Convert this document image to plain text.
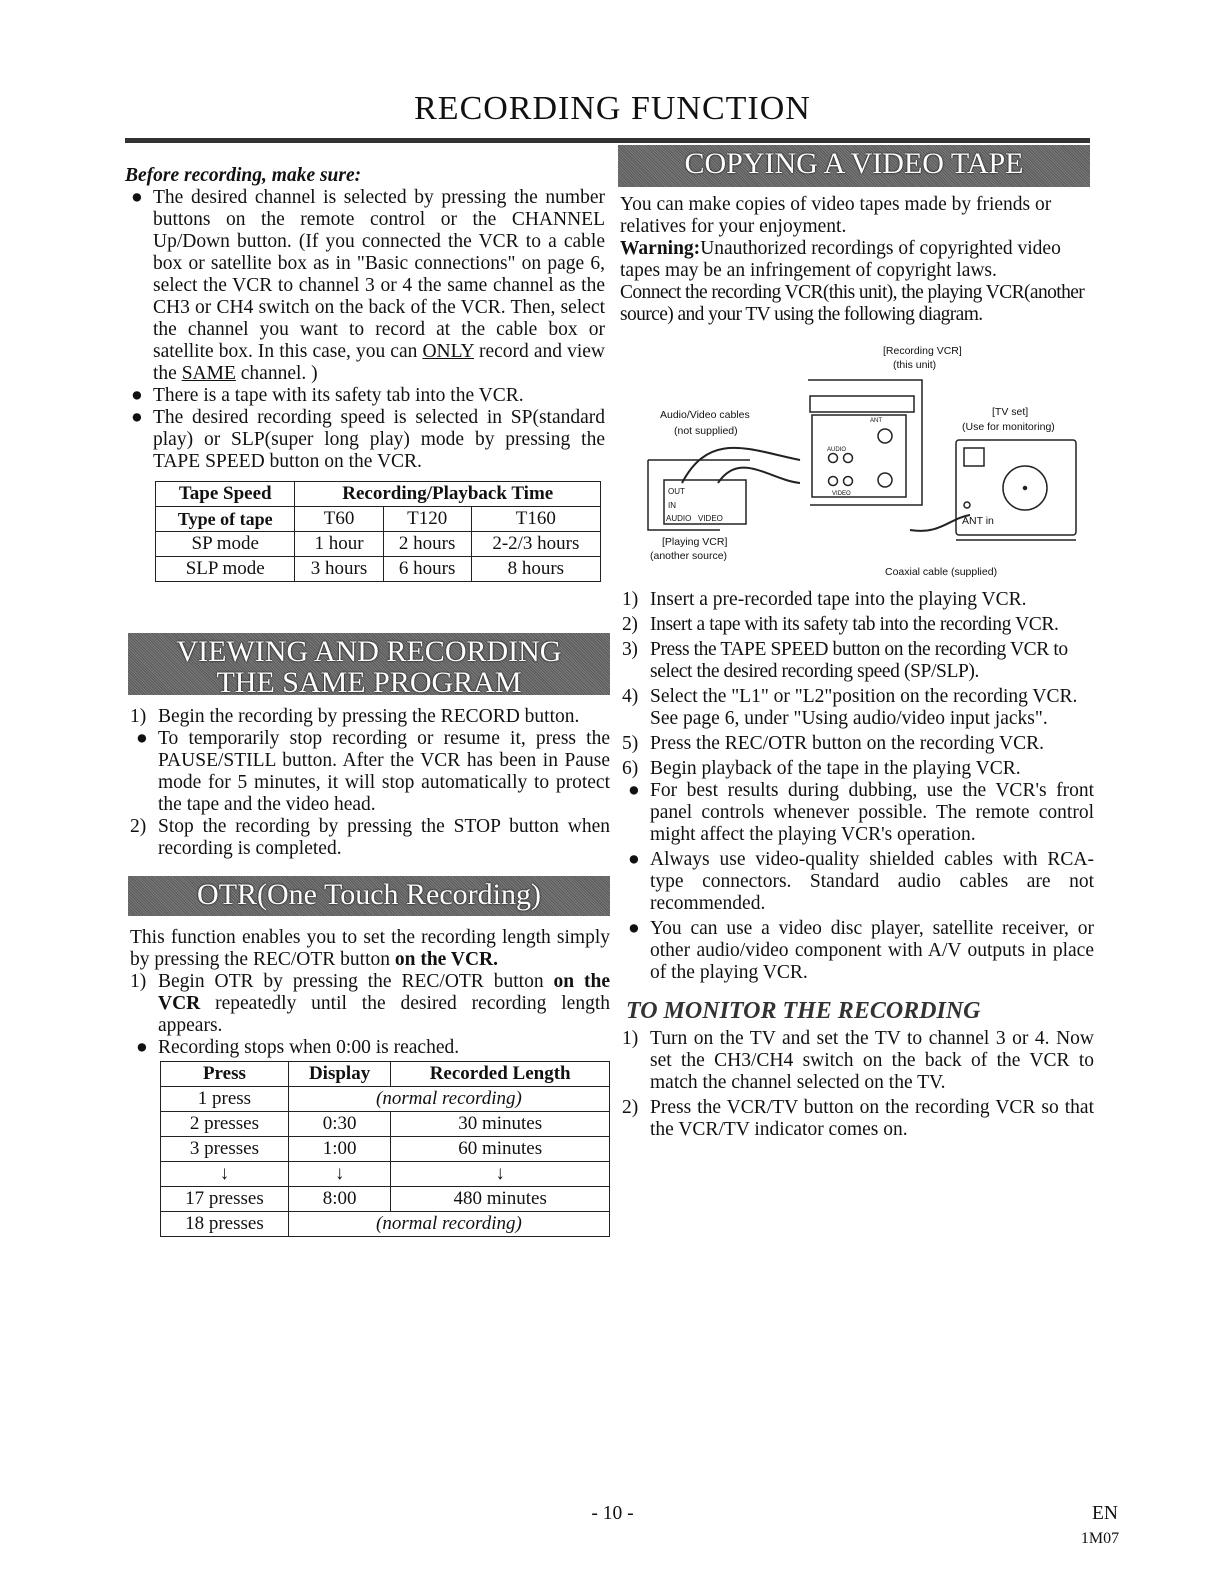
RECORDING FUNCTION

Before recording, make sure:

● The desired channel is selected by pressing the number buttons on the remote control or the CHANNEL Up/Down button. (If you connected the VCR to a cable box or satellite box as in "Basic connections" on page 6, select the VCR to channel 3 or 4 the same channel as the CH3 or CH4 switch on the back of the VCR. Then, select the channel you want to record at the cable box or satellite box. In this case, you can ONLY record and view the SAME channel. )

● There is a tape with its safety tab into the VCR.

● The desired recording speed is selected in SP(standard play) or SLP(super long play) mode by pressing the TAPE SPEED button on the VCR.

Tape Speed	Recording/Playback Time		
Type of tape	T60	T120	T160
SP mode	1 hour	2 hours	2-2/3 hours
SLP mode	3 hours	6 hours	8 hours
VIEWING AND RECORDING
THE SAME PROGRAM

1) Begin the recording by pressing the RECORD button.

● To temporarily stop recording or resume it, press the PAUSE/STILL button. After the VCR has been in Pause mode for 5 minutes, it will stop automatically to protect the tape and the video head.

2) Stop the recording by pressing the STOP button when recording is completed.

OTR(One Touch Recording)

This function enables you to set the recording length simply by pressing the REC/OTR button on the VCR.

1) Begin OTR by pressing the REC/OTR button on the VCR repeatedly until the desired recording length appears.

● Recording stops when 0:00 is reached.

Press	Display	Recorded Length
1 press	(normal recording)	
2 presses	0:30	30 minutes
3 presses	1:00	60 minutes
↓	↓	↓
17 presses	8:00	480 minutes
18 presses	(normal recording)	
COPYING A VIDEO TAPE

You can make copies of video tapes made by friends or relatives for your enjoyment.

Warning:Unauthorized recordings of copyrighted video tapes may be an infringement of copyright laws.

Connect the recording VCR(this unit), the playing VCR(another source) and your TV using the following diagram.

[Recording VCR]
(this unit)
ANT
AUDIO
VIDEO
Audio/Video cables
(not supplied)
[TV set]
(Use for monitoring)
ANT in
OUT
IN
AUDIO VIDEO
[Playing VCR]
(another source)
Coaxial cable (supplied)

1) Insert a pre-recorded tape into the playing VCR.

2) Insert a tape with its safety tab into the recording VCR.

3) Press the TAPE SPEED button on the recording VCR to select the desired recording speed (SP/SLP).

4) Select the "L1" or "L2"position on the recording VCR. See page 6, under "Using audio/video input jacks".

5) Press the REC/OTR button on the recording VCR.

6) Begin playback of the tape in the playing VCR.

● For best results during dubbing, use the VCR's front panel controls whenever possible. The remote control might affect the playing VCR's operation.

● Always use video-quality shielded cables with RCA-type connectors. Standard audio cables are not recommended.

● You can use a video disc player, satellite receiver, or other audio/video component with A/V outputs in place of the playing VCR.

TO MONITOR THE RECORDING

1) Turn on the TV and set the TV to channel 3 or 4. Now set the CH3/CH4 switch on the back of the VCR to match the channel selected on the TV.

2) Press the VCR/TV button on the recording VCR so that the VCR/TV indicator comes on.

- 10 -	EN
1M07
